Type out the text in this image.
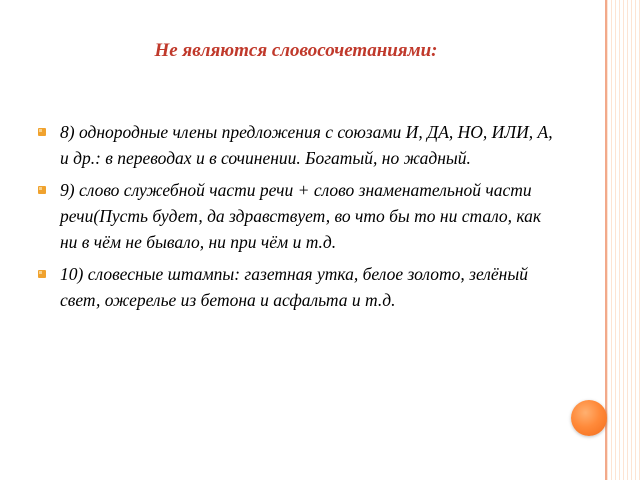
Не являются словосочетаниями:
8) однородные члены предложения с союзами И, ДА, НО, ИЛИ, А, и др.: в переводах и в сочинении. Богатый, но жадный.
9) слово служебной части речи + слово знаменательной части речи(Пусть будет, да здравствует, во что бы то ни стало, как ни в чём не бывало, ни при чём и т.д.
10) словесные штампы: газетная утка, белое золото, зелёный свет, ожерелье из бетона и асфальта и т.д.
